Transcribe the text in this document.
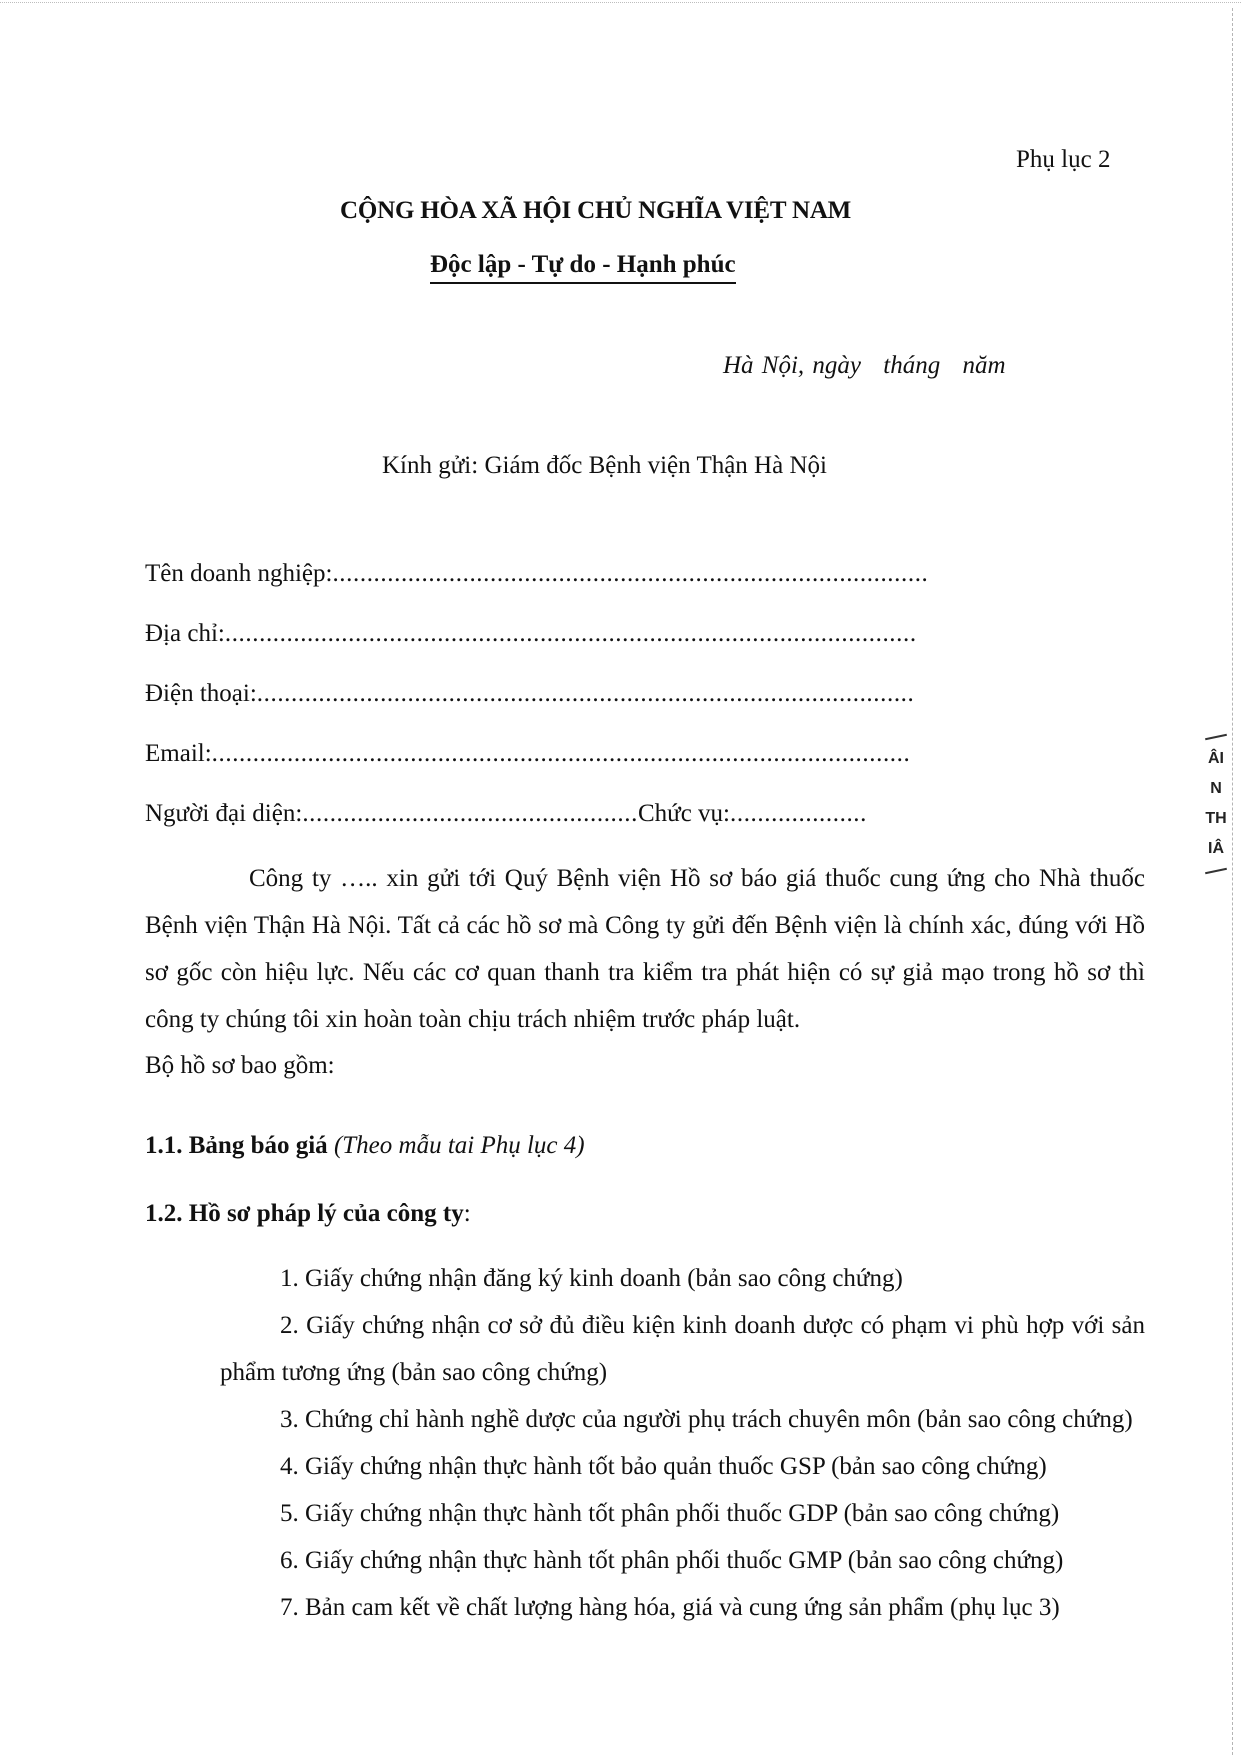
ÂI
N
TH
IÂ
Phụ lục 2
CỘNG HÒA XÃ HỘI CHỦ NGHĨA VIỆT NAM
Độc lập - Tự do - Hạnh phúc
Hà Nội, ngày tháng năm
Kính gửi: Giám đốc Bệnh viện Thận Hà Nội
Tên doanh nghiệp:.......................................................................................
Địa chỉ:.....................................................................................................
Điện thoại:................................................................................................
Email:......................................................................................................
Người đại diện:.................................................Chức vụ:....................
Công ty ….. xin gửi tới Quý Bệnh viện Hồ sơ báo giá thuốc cung ứng cho Nhà thuốc Bệnh viện Thận Hà Nội. Tất cả các hồ sơ mà Công ty gửi đến Bệnh viện là chính xác, đúng với Hồ sơ gốc còn hiệu lực. Nếu các cơ quan thanh tra kiểm tra phát hiện có sự giả mạo trong hồ sơ thì công ty chúng tôi xin hoàn toàn chịu trách nhiệm trước pháp luật.
Bộ hồ sơ bao gồm:
1.1. Bảng báo giá (Theo mẫu tai Phụ lục 4)
1.2. Hồ sơ pháp lý của công ty:
1. Giấy chứng nhận đăng ký kinh doanh (bản sao công chứng)
2. Giấy chứng nhận cơ sở đủ điều kiện kinh doanh dược có phạm vi phù hợp với sản phẩm tương ứng (bản sao công chứng)
3. Chứng chỉ hành nghề dược của người phụ trách chuyên môn (bản sao công chứng)
4. Giấy chứng nhận thực hành tốt bảo quản thuốc GSP (bản sao công chứng)
5. Giấy chứng nhận thực hành tốt phân phối thuốc GDP (bản sao công chứng)
6. Giấy chứng nhận thực hành tốt phân phối thuốc GMP (bản sao công chứng)
7. Bản cam kết về chất lượng hàng hóa, giá và cung ứng sản phẩm (phụ lục 3)
